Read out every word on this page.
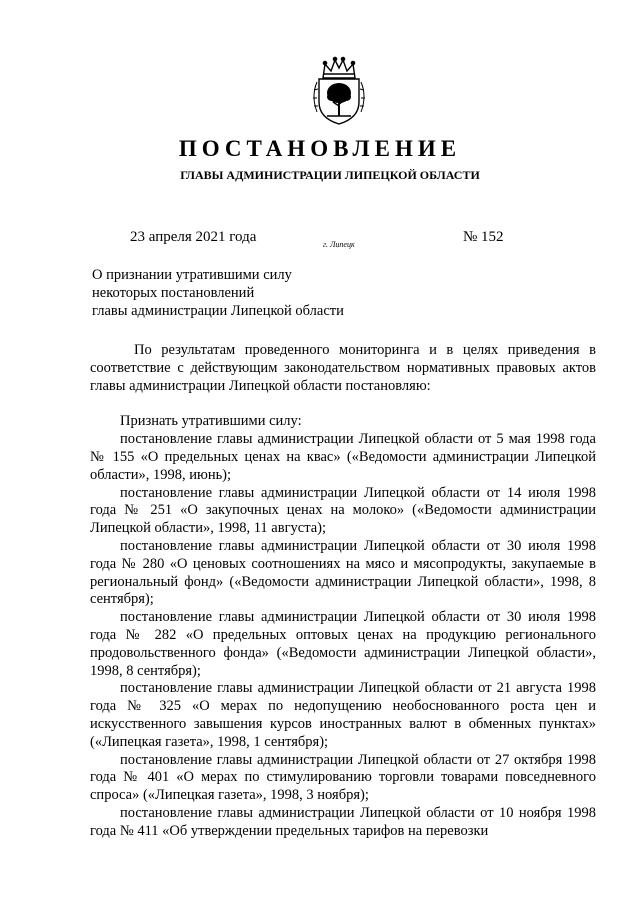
ПОСТАНОВЛЕНИЕ
ГЛАВЫ АДМИНИСТРАЦИИ ЛИПЕЦКОЙ ОБЛАСТИ
23 апреля 2021 года	г. Липецк	№ 152
О признании утратившими силу
некоторых постановлений
главы администрации Липецкой области

По результатам проведенного мониторинга и в целях приведения в соответствие с действующим законодательством нормативных правовых актов главы администрации Липецкой области постановляю:

Признать утратившими силу:

постановление главы администрации Липецкой области от 5 мая 1998 года № 155 «О предельных ценах на квас» («Ведомости администрации Липецкой области», 1998, июнь);

постановление главы администрации Липецкой области от 14 июля 1998 года № 251 «О закупочных ценах на молоко» («Ведомости администрации Липецкой области», 1998, 11 августа);

постановление главы администрации Липецкой области от 30 июля 1998 года № 280 «О ценовых соотношениях на мясо и мясопродукты, закупаемые в региональный фонд» («Ведомости администрации Липецкой области», 1998, 8 сентября);

постановление главы администрации Липецкой области от 30 июля 1998 года № 282 «О предельных оптовых ценах на продукцию регионального продовольственного фонда» («Ведомости администрации Липецкой области», 1998, 8 сентября);

постановление главы администрации Липецкой области от 21 августа 1998 года № 325 «О мерах по недопущению необоснованного роста цен и искусственного завышения курсов иностранных валют в обменных пунктах» («Липецкая газета», 1998, 1 сентября);

постановление главы администрации Липецкой области от 27 октября 1998 года № 401 «О мерах по стимулированию торговли товарами повседневного спроса» («Липецкая газета», 1998, 3 ноября);

постановление главы администрации Липецкой области от 10 ноября 1998 года № 411 «Об утверждении предельных тарифов на перевозки
